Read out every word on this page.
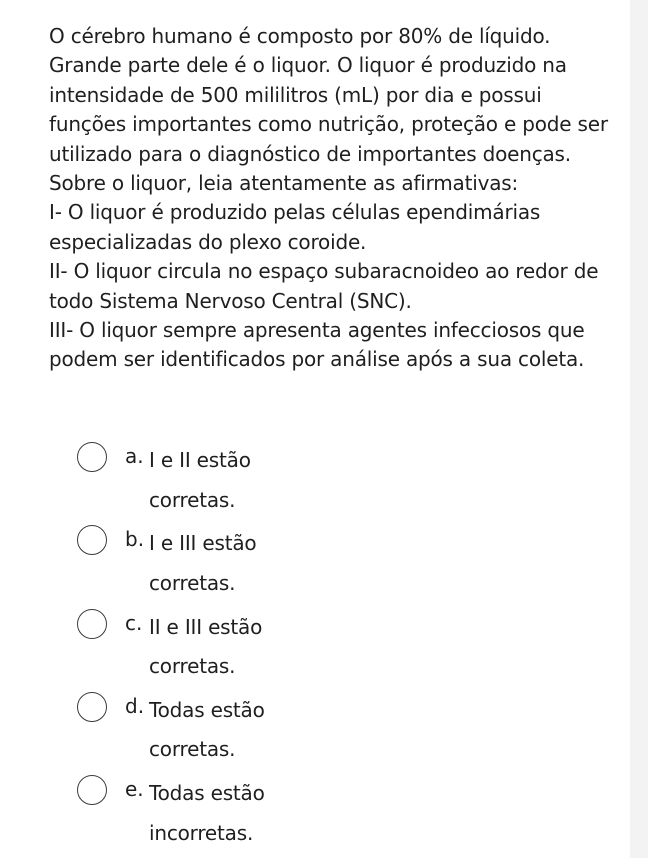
O cérebro humano é composto por 80% de líquido. Grande parte dele é o liquor. O liquor é produzido na intensidade de 500 mililitros (mL) por dia e possui funções importantes como nutrição, proteção e pode ser utilizado para o diagnóstico de importantes doenças. Sobre o liquor, leia atentamente as afirmativas:

I- O liquor é produzido pelas células ependimárias especializadas do plexo coroide.

II- O liquor circula no espaço subaracnoideo ao redor de todo Sistema Nervoso Central (SNC).

III- O liquor sempre apresenta agentes infecciosos que podem ser identificados por análise após a sua coleta.

a. I e II estão corretas.
b. I e III estão corretas.
c. II e III estão corretas.
d. Todas estão corretas.
e. Todas estão incorretas.
